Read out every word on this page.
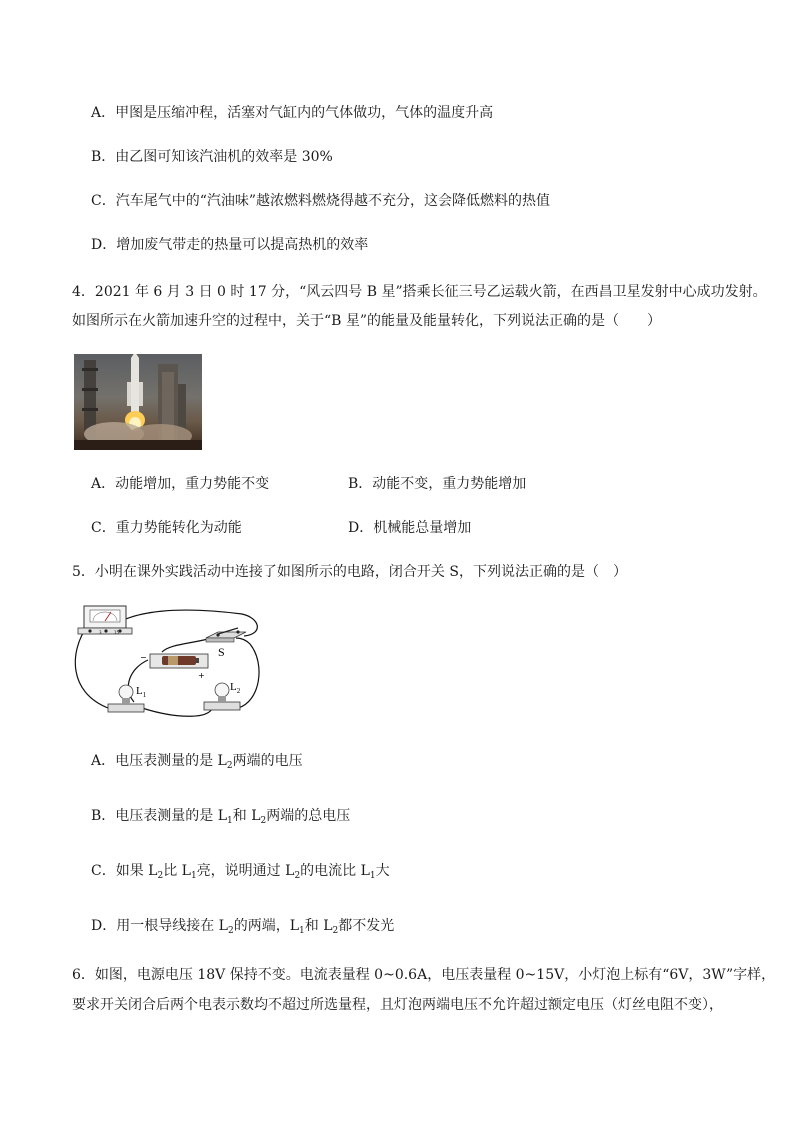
A．甲图是压缩冲程，活塞对气缸内的气体做功，气体的温度升高
B．由乙图可知该汽油机的效率是 30%
C．汽车尾气中的“汽油味”越浓燃料燃烧得越不充分，这会降低燃料的热值
D．增加废气带走的热量可以提高热机的效率
4．2021 年 6 月 3 日 0 时 17 分，“风云四号 B 星”搭乘长征三号乙运载火箭，在西昌卫星发射中心成功发射。
如图所示在火箭加速升空的过程中，关于“B 星”的能量及能量转化，下列说法正确的是（　　）
A．动能增加，重力势能不变	B．动能不变，重力势能增加
C．重力势能转化为动能	D．机械能总量增加
5．小明在课外实践活动中连接了如图所示的电路，闭合开关 S，下列说法正确的是（　）
3	15
S
−
+
$L_1$
$L_2$
A．电压表测量的是 $L_2$两端的电压
B．电压表测量的是 $L_1$和 $L_2$两端的总电压
C．如果 $L_2$比 $L_1$亮，说明通过 $L_2$的电流比 $L_1$大
D．用一根导线接在 $L_2$的两端，$L_1$和 $L_2$都不发光
6．如图，电源电压 18V 保持不变。电流表量程 0~0.6A，电压表量程 0~15V，小灯泡上标有“6V，3W”字样，
要求开关闭合后两个电表示数均不超过所选量程，且灯泡两端电压不允许超过额定电压（灯丝电阻不变），
